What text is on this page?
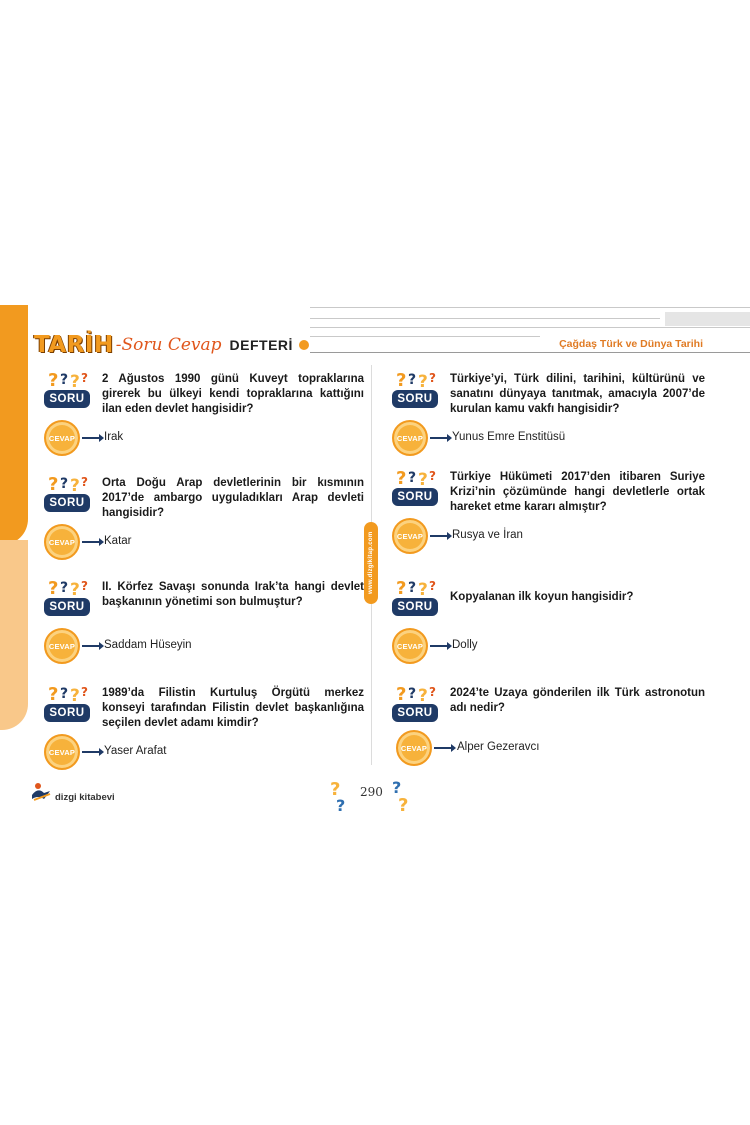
TARİH -Soru Cevap DEFTERİ	Çağdaş Türk ve Dünya Tarihi
www.dizgikitap.com
? ? ? ?
SORU
2 Ağustos 1990 günü Kuveyt topraklarına girerek bu ülkeyi kendi topraklarına kattığını ilan eden devlet hangisidir?
CEVAP	Irak
? ? ? ?
SORU
Orta Doğu Arap devletlerinin bir kısmının 2017’de ambargo uyguladıkları Arap devleti hangisidir?
CEVAP	Katar
? ? ? ?
SORU
II. Körfez Savaşı sonunda Irak’ta hangi devlet başkanının yönetimi son bulmuştur?
CEVAP	Saddam Hüseyin
? ? ? ?
SORU
1989’da Filistin Kurtuluş Örgütü merkez konseyi tarafından Filistin devlet başkanlığına seçilen devlet adamı kimdir?
CEVAP	Yaser Arafat
? ? ? ?
SORU
Türkiye’yi, Türk dilini, tarihini, kültürünü ve sanatını dünyaya tanıtmak, amacıyla 2007’de kurulan kamu vakfı hangisidir?
CEVAP	Yunus Emre Enstitüsü
? ? ? ?
SORU
Türkiye Hükümeti 2017’den itibaren Suriye Krizi’nin çözümünde hangi devletlerle ortak hareket etme kararı almıştır?
CEVAP	Rusya ve İran
? ? ? ?
SORU
Kopyalanan ilk koyun hangisidir?
CEVAP	Dolly
? ? ? ?
SORU
2024’te Uzaya gönderilen ilk Türk astronotun adı nedir?
CEVAP	Alper Gezeravcı
dizgi kitabevi	?
?
290 ?
?
